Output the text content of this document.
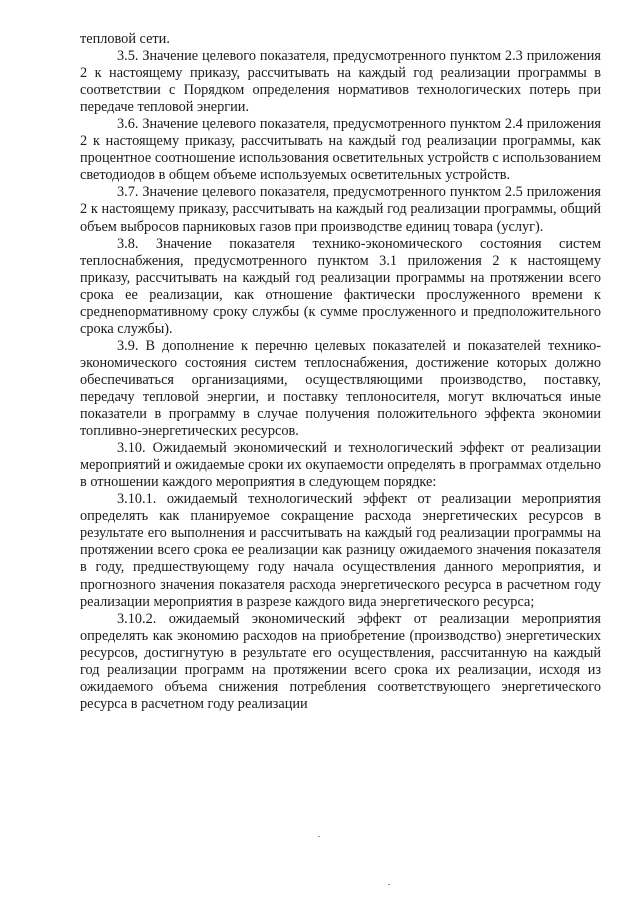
тепловой сети.

3.5. Значение целевого показателя, предусмотренного пунктом 2.3 приложения 2 к настоящему приказу, рассчитывать на каждый год реализации программы в соответствии с Порядком определения нормативов технологических потерь при передаче тепловой энергии.

3.6. Значение целевого показателя, предусмотренного пунктом 2.4 приложения 2 к настоящему приказу, рассчитывать на каждый год реализации программы, как процентное соотношение использования осветительных устройств с использованием светодиодов в общем объеме используемых осветительных устройств.

3.7. Значение целевого показателя, предусмотренного пунктом 2.5 приложения 2 к настоящему приказу, рассчитывать на каждый год реализации программы, общий объем выбросов парниковых газов при производстве единиц товара (услуг).

3.8. Значение показателя технико-экономического состояния систем теплоснабжения, предусмотренного пунктом 3.1 приложения 2 к настоящему приказу, рассчитывать на каждый год реализации программы на протяжении всего срока ее реализации, как отношение фактически прослуженного времени к среднenормативному сроку службы (к сумме прослуженного и предположительного срока службы).

3.9. В дополнение к перечню целевых показателей и показателей технико-экономического состояния систем теплоснабжения, достижение которых должно обеспечиваться организациями, осуществляющими производство, поставку, передачу тепловой энергии, и поставку теплоносителя, могут включаться иные показатели в программу в случае получения положительного эффекта экономии топливно-энергетических ресурсов.

3.10. Ожидаемый экономический и технологический эффект от реализации мероприятий и ожидаемые сроки их окупаемости определять в программах отдельно в отношении каждого мероприятия в следующем порядке:

3.10.1. ожидаемый технологический эффект от реализации мероприятия определять как планируемое сокращение расхода энергетических ресурсов в результате его выполнения и рассчитывать на каждый год реализации программы на протяжении всего срока ее реализации как разницу ожидаемого значения показателя в году, предшествующему году начала осуществления данного мероприятия, и прогнозного значения показателя расхода энергетического ресурса в расчетном году реализации мероприятия в разрезе каждого вида энергетического ресурса;

3.10.2. ожидаемый экономический эффект от реализации мероприятия определять как экономию расходов на приобретение (производство) энергетических ресурсов, достигнутую в результате его осуществления, рассчитанную на каждый год реализации программ на протяжении всего срока их реализации, исходя из ожидаемого объема снижения потребления соответствующего энергетического ресурса в расчетном году реализации
